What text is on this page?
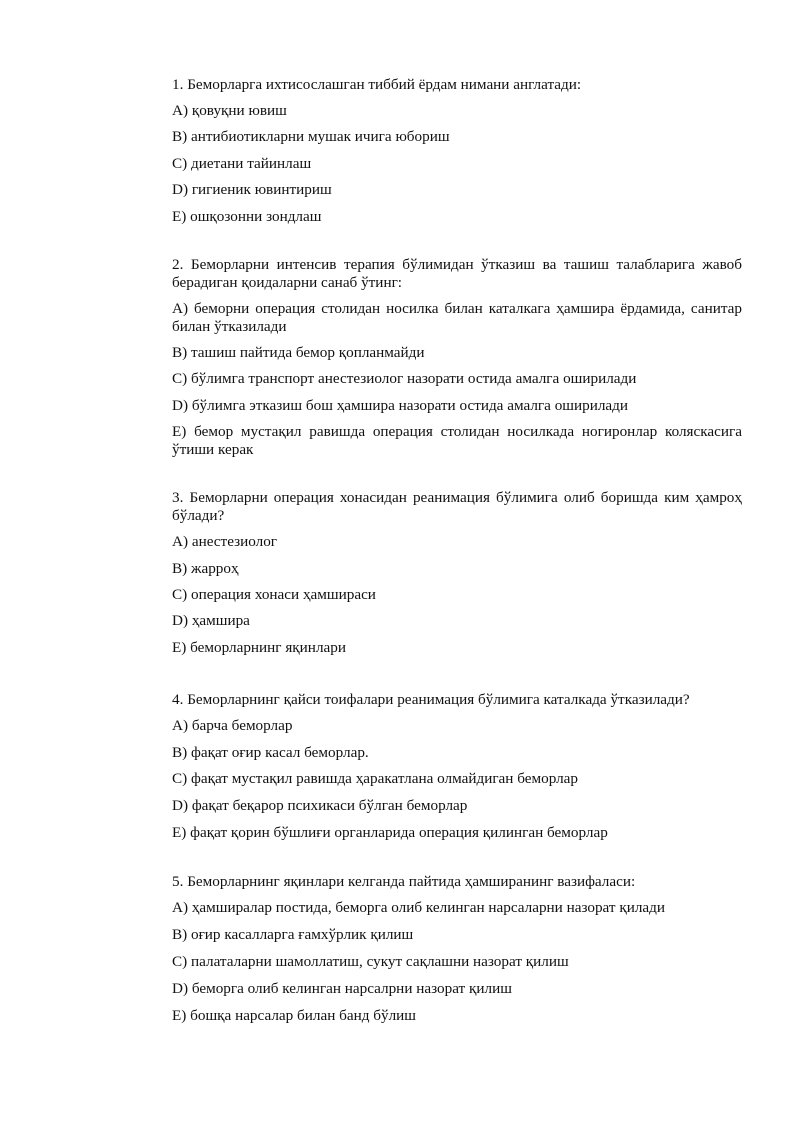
1. Беморларга ихтисослашган тиббий ёрдам нимани англатади:

A) қовуқни ювиш

B) антибиотикларни мушак ичига юбориш

C) диетани тайинлаш

D) гигиеник ювинтириш

E) ошқозонни зондлаш

2. Беморларни интенсив терапия бўлимидан ўтказиш ва ташиш талабларига жавоб берадиган қоидаларни санаб ўтинг:

A) беморни операция столидан носилка билан каталкага ҳамшира ёрдамида, санитар билан ўтказилади

B) ташиш пайтида бемор қопланмайди

C) бўлимга транспорт анестезиолог назорати остида амалга оширилади

D) бўлимга этказиш бош ҳамшира назорати остида амалга оширилади

E) бемор мустақил равишда операция столидан носилкада ногиронлар коляскасига ўтиши керак

3. Беморларни операция хонасидан реанимация бўлимига олиб боришда ким ҳамроҳ бўлади?

A) анестезиолог

B) жарроҳ

C) операция хонаси ҳамшираси

D) ҳамшира

E) беморларнинг яқинлари

4. Беморларнинг қайси тоифалари реанимация бўлимига каталкада ўтказилади?

A) барча беморлар

B) фақат оғир касал беморлар.

C) фақат мустақил равишда ҳаракатлана олмайдиган беморлар

D) фақат беқарор психикаси бўлган беморлар

E) фақат қорин бўшлиғи органларида операция қилинган беморлар

5. Беморларнинг яқинлари келганда пайтида ҳамширанинг вазифаласи:

A) ҳамширалар постида, беморга олиб келинган нарсаларни назорат қилади

B) оғир касалларга ғамхўрлик қилиш

C) палаталарни шамоллатиш, сукут сақлашни назорат қилиш

D) беморга олиб келинган нарсалрни назорат қилиш

E) бошқа нарсалар билан банд бўлиш
